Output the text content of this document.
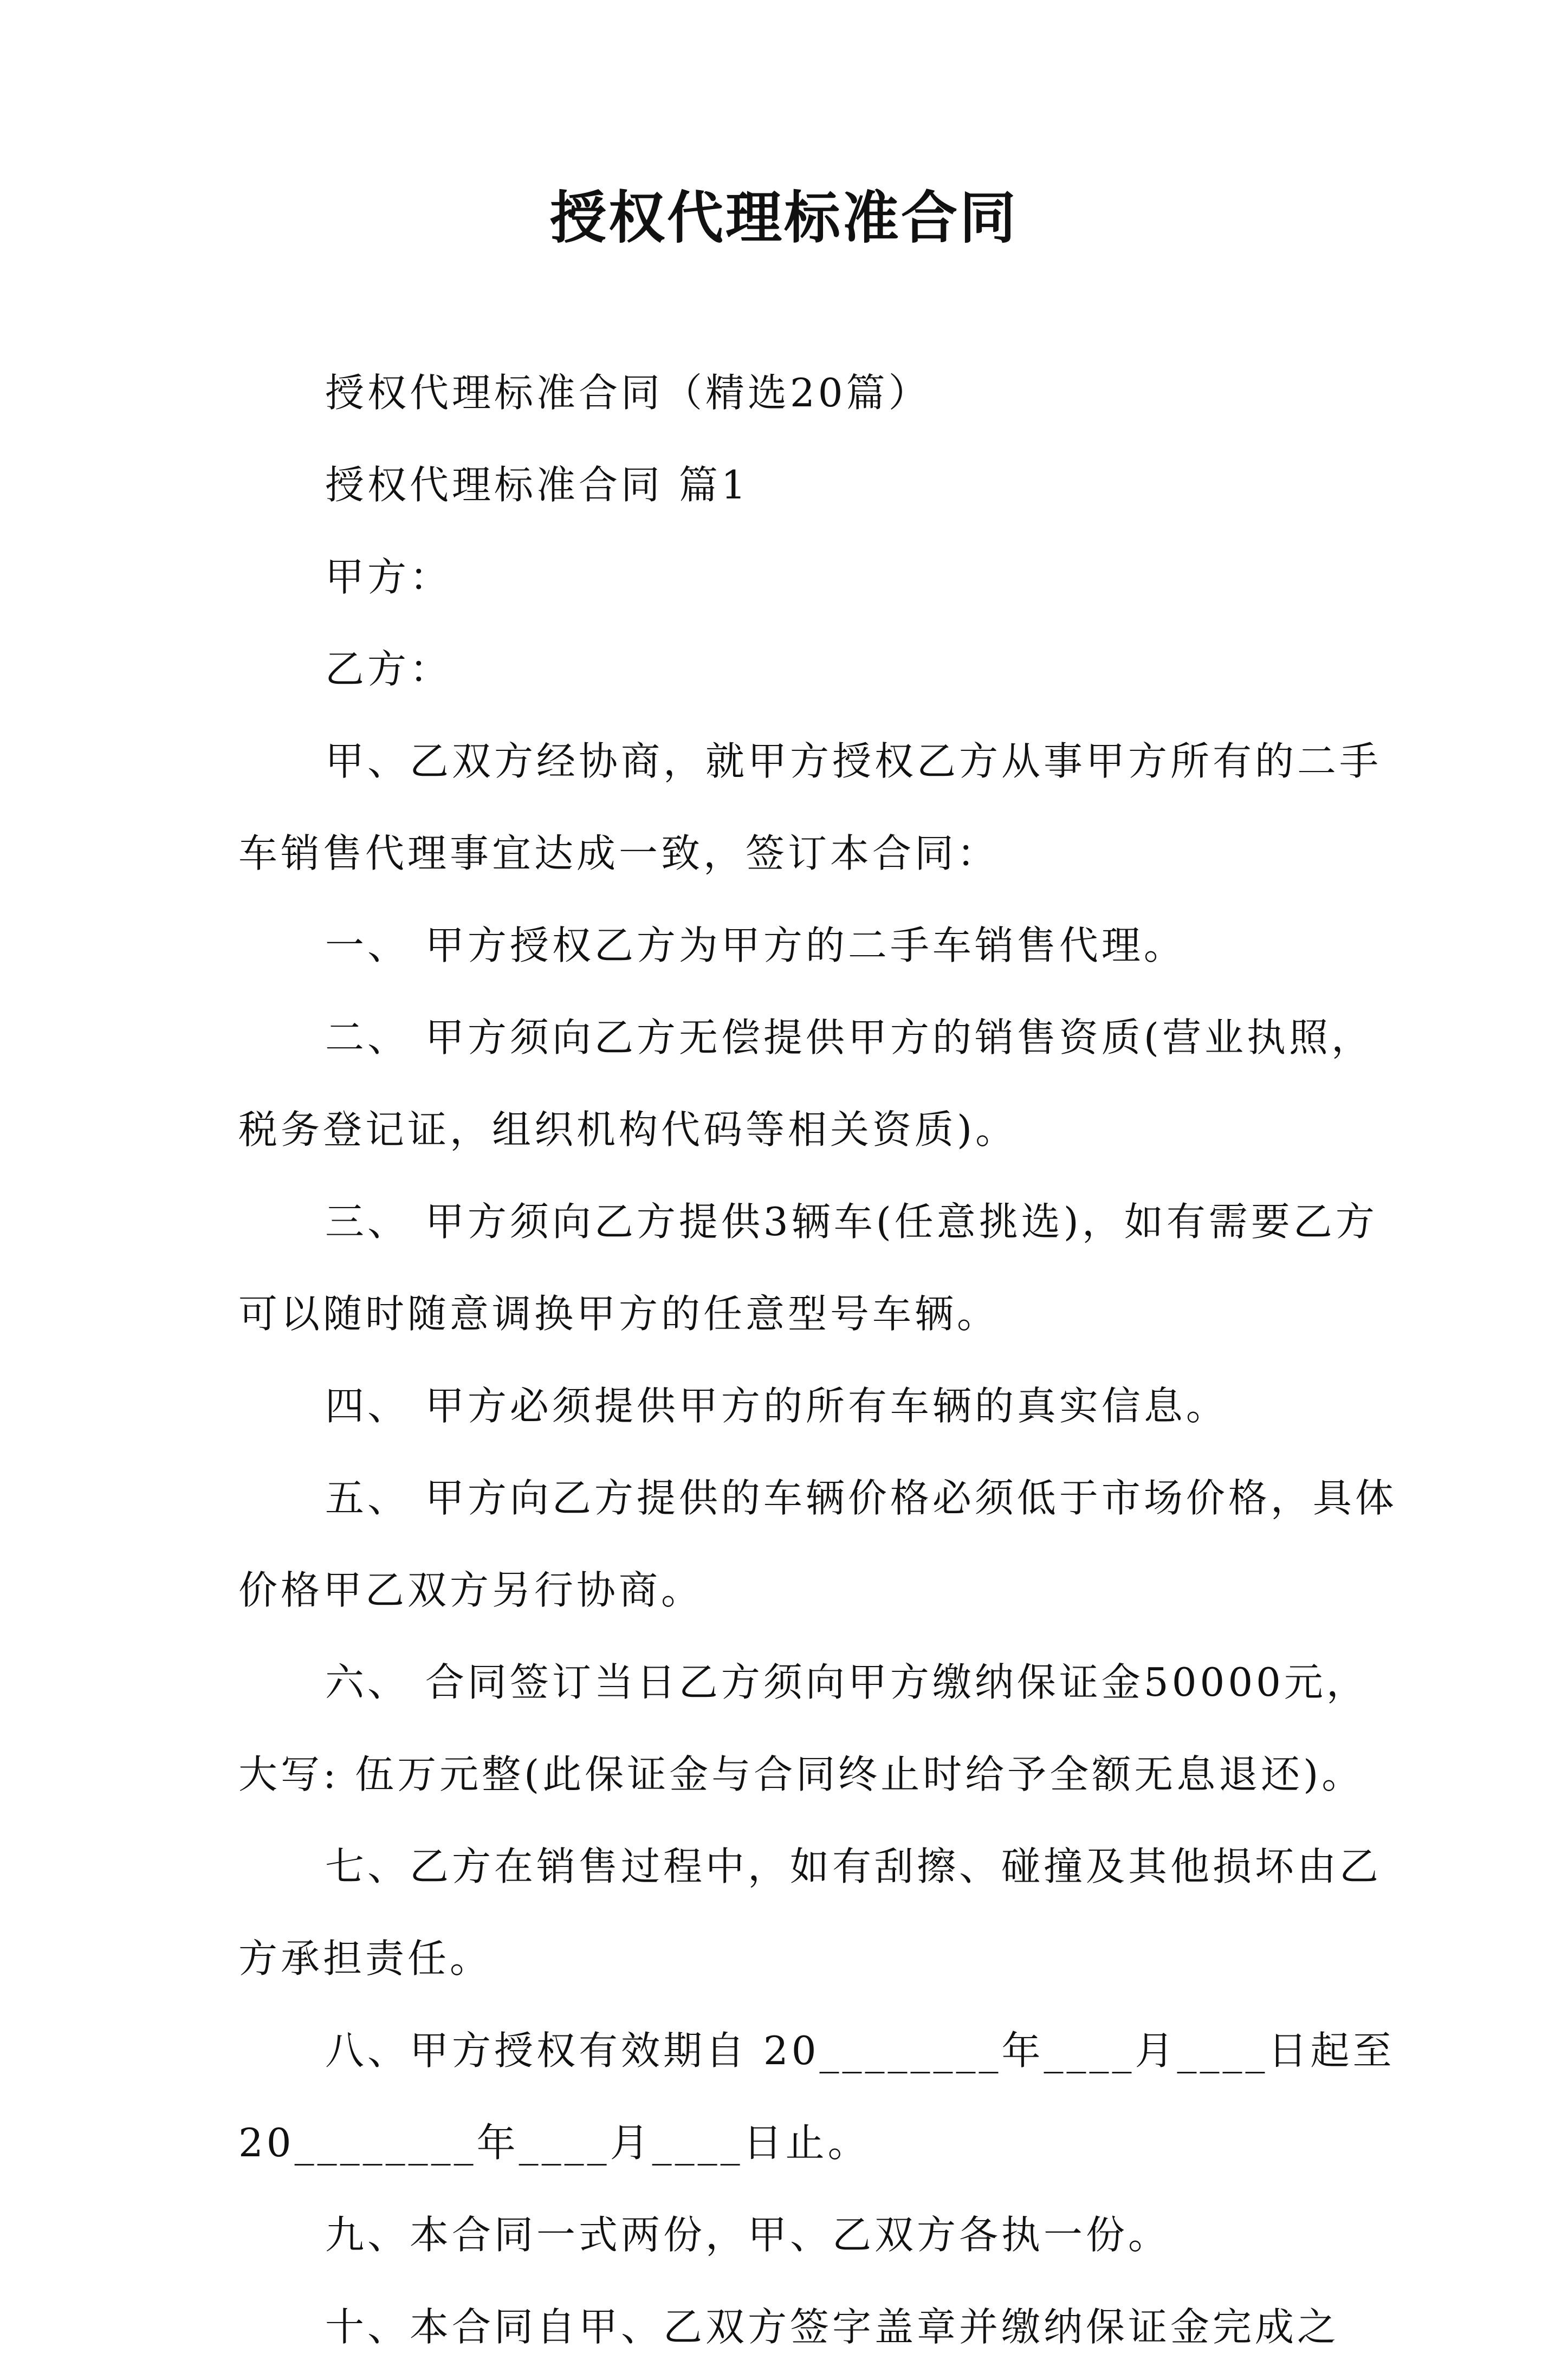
授权代理标准合同

授权代理标准合同（精选20篇）

授权代理标准合同 篇1

甲方：

乙方：

甲、乙双方经协商，就甲方授权乙方从事甲方所有的二手车销售代理事宜达成一致，签订本合同：

一、 甲方授权乙方为甲方的二手车销售代理。

二、 甲方须向乙方无偿提供甲方的销售资质(营业执照，税务登记证，组织机构代码等相关资质)。

三、 甲方须向乙方提供3辆车(任意挑选)，如有需要乙方可以随时随意调换甲方的任意型号车辆。

四、 甲方必须提供甲方的所有车辆的真实信息。

五、 甲方向乙方提供的车辆价格必须低于市场价格，具体价格甲乙双方另行协商。

六、 合同签订当日乙方须向甲方缴纳保证金50000元，大写: 伍万元整(此保证金与合同终止时给予全额无息退还)。

七、乙方在销售过程中，如有刮擦、碰撞及其他损坏由乙方承担责任。

八、甲方授权有效期自 20________年____月____日起至 20________年____月____日止。

九、本合同一式两份，甲、乙双方各执一份。

十、本合同自甲、乙双方签字盖章并缴纳保证金完成之
